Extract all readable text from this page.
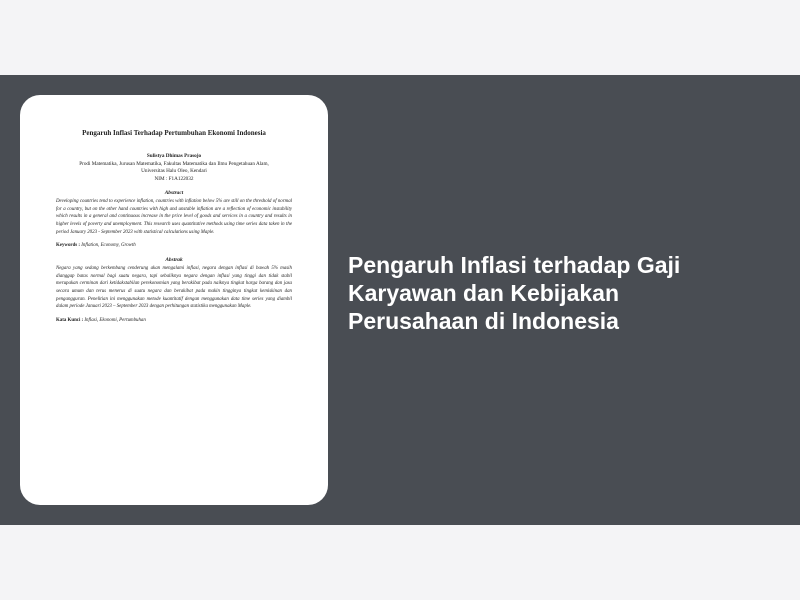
Pengaruh Inflasi Terhadap Pertumbuhan Ekonomi Indonesia
Sulistya Dhimas Prasojo
Prodi Matematika, Jurusan Matematika, Fakultas Matematika dan Ilmu Pengetahuan Alam,
Universitas Halu Oleo, Kendari
NIM : F1A122032
Abstract
Developing countries tend to experience inflation, countries with inflation below 5% are still on the threshold of normal for a country, but on the other hand countries with high and unstable inflation are a reflection of economic instability which results in a general and continuous increase in the price level of goods and services in a country and results in higher levels of poverty and unemployment. This research uses quantitative methods using time series data taken in the period January 2023 - September 2023 with statistical calculations using Maple.
Keywords : Inflation, Economy, Growth
Abstrak
Negara yang sedang berkembang cenderung akan mengalami inflasi, negara dengan inflasi di bawah 5% masih dianggap batas normal bagi suatu negara, tapi sebaliknya negara dengan inflasi yang tinggi dan tidak stabil merupakan cerminan dari ketidakstabilan perekonomian yang berakibat pada naiknya tingkat harga barang dan jasa secara umum dan terus menerus di suatu negara dan berakibat pada makin tingginya tingkat kemiskinan dan pengangguran. Penelitian ini menggunakan metode kuantitatif dengan menggunakan data time series yang diambil dalam periode Januari 2023 – September 2023 dengan perhitungan statistika menggunakan Maple.
Kata Kunci : Inflasi, Ekonomi, Pertumbuhan
Pengaruh Inflasi terhadap Gaji Karyawan dan Kebijakan Perusahaan di Indonesia
